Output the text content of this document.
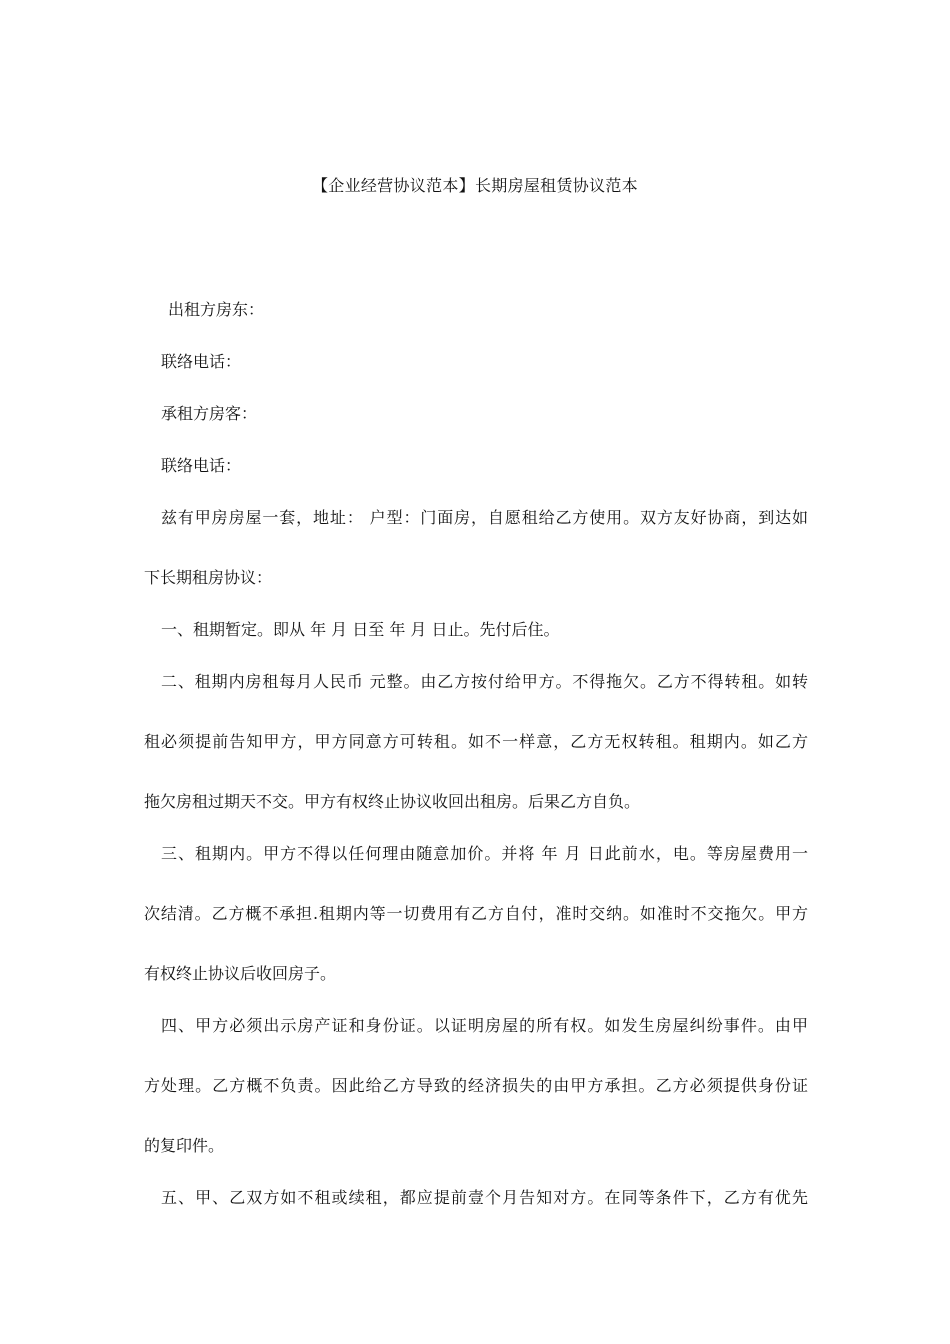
【企业经营协议范本】长期房屋租赁协议范本
出租方房东：
联络电话：
承租方房客：
联络电话：

兹有甲房房屋一套，地址： 户型：门面房，自愿租给乙方使用。双方友好协商，到达如
下长期租房协议：

一、租期暂定。即从 年 月 日至 年 月 日止。先付后住。

二、租期内房租每月人民币 元整。由乙方按付给甲方。不得拖欠。乙方不得转租。如转
租必须提前告知甲方，甲方同意方可转租。如不一样意，乙方无权转租。租期内。如乙方
拖欠房租过期天不交。甲方有权终止协议收回出租房。后果乙方自负。

三、租期内。甲方不得以任何理由随意加价。并将 年 月 日此前水，电。等房屋费用一
次结清。乙方概不承担.租期内等一切费用有乙方自付，准时交纳。如准时不交拖欠。甲方
有权终止协议后收回房子。

四、甲方必须出示房产证和身份证。以证明房屋的所有权。如发生房屋纠纷事件。由甲
方处理。乙方概不负责。因此给乙方导致的经济损失的由甲方承担。乙方必须提供身份证
的复印件。

五、甲、乙双方如不租或续租，都应提前壹个月告知对方。在同等条件下，乙方有优先
